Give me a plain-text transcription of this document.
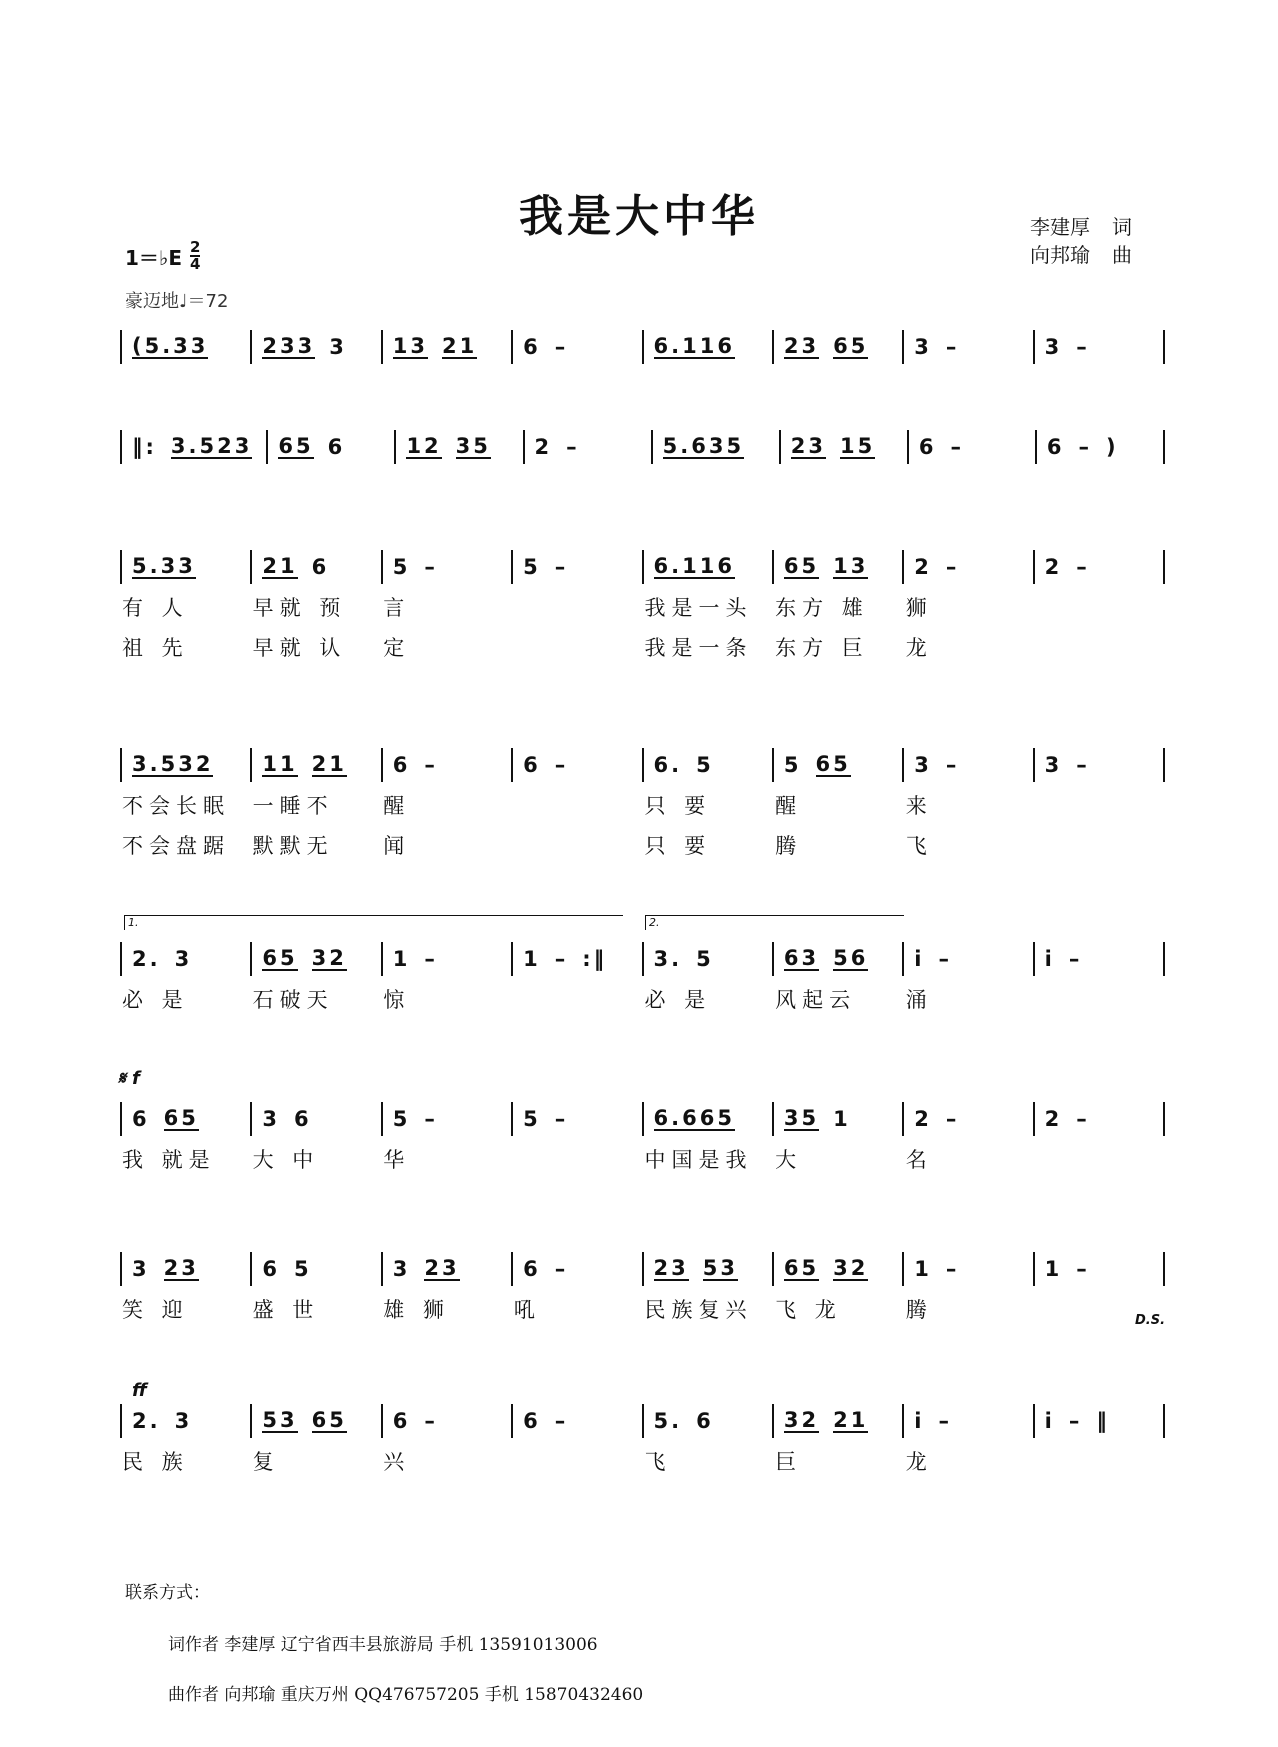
我是大中华	李建厚 词
向邦瑜 曲
1＝♭E $\frac{2}{4}$
豪迈地♩＝72
1.	2.
𝄋 f
ff
D.S.
(5.33	233 3 13 21 6 –	6.116 23 65 3 –	3 –
‖: 3.523 65 6	12 35 2 –	5.635 23 15 6 –	6 – )
5.33	21 6	5 –	5 –	6.116 65 13 2 –	2 –
有 人	早就 预	言	我是一头	东方 雄	狮
祖 先	早就 认	定	我是一条	东方 巨	龙
3.532 11 21 6 –	6 –	6. 5	5 65	3 –	3 –
不会长眠	一睡不	醒	只 要	醒	来
不会盘踞	默默无	闻	只 要	腾	飞
2. 3	65 32 1 –	1 – :‖ 3. 5	63 56 i –	i –
必 是	石破天	惊	必 是	风起云	涌
6 65	3 6	5 –	5 –	6.665 35 1	2 –	2 –
我 就是	大 中	华	中国是我	大	名
3 23	6 5	3 23	6 –	23 53 65 32 1 –	1 –
笑 迎	盛 世	雄 狮	吼	民族复兴	飞 龙	腾
2. 3	53 65 6 –	6 –	5. 6	32 21 i –	i – ‖
民 族	复	兴	飞	巨	龙
联系方式：
词作者 李建厚 辽宁省西丰县旅游局 手机 13591013006
曲作者 向邦瑜 重庆万州 QQ476757205 手机 15870432460
